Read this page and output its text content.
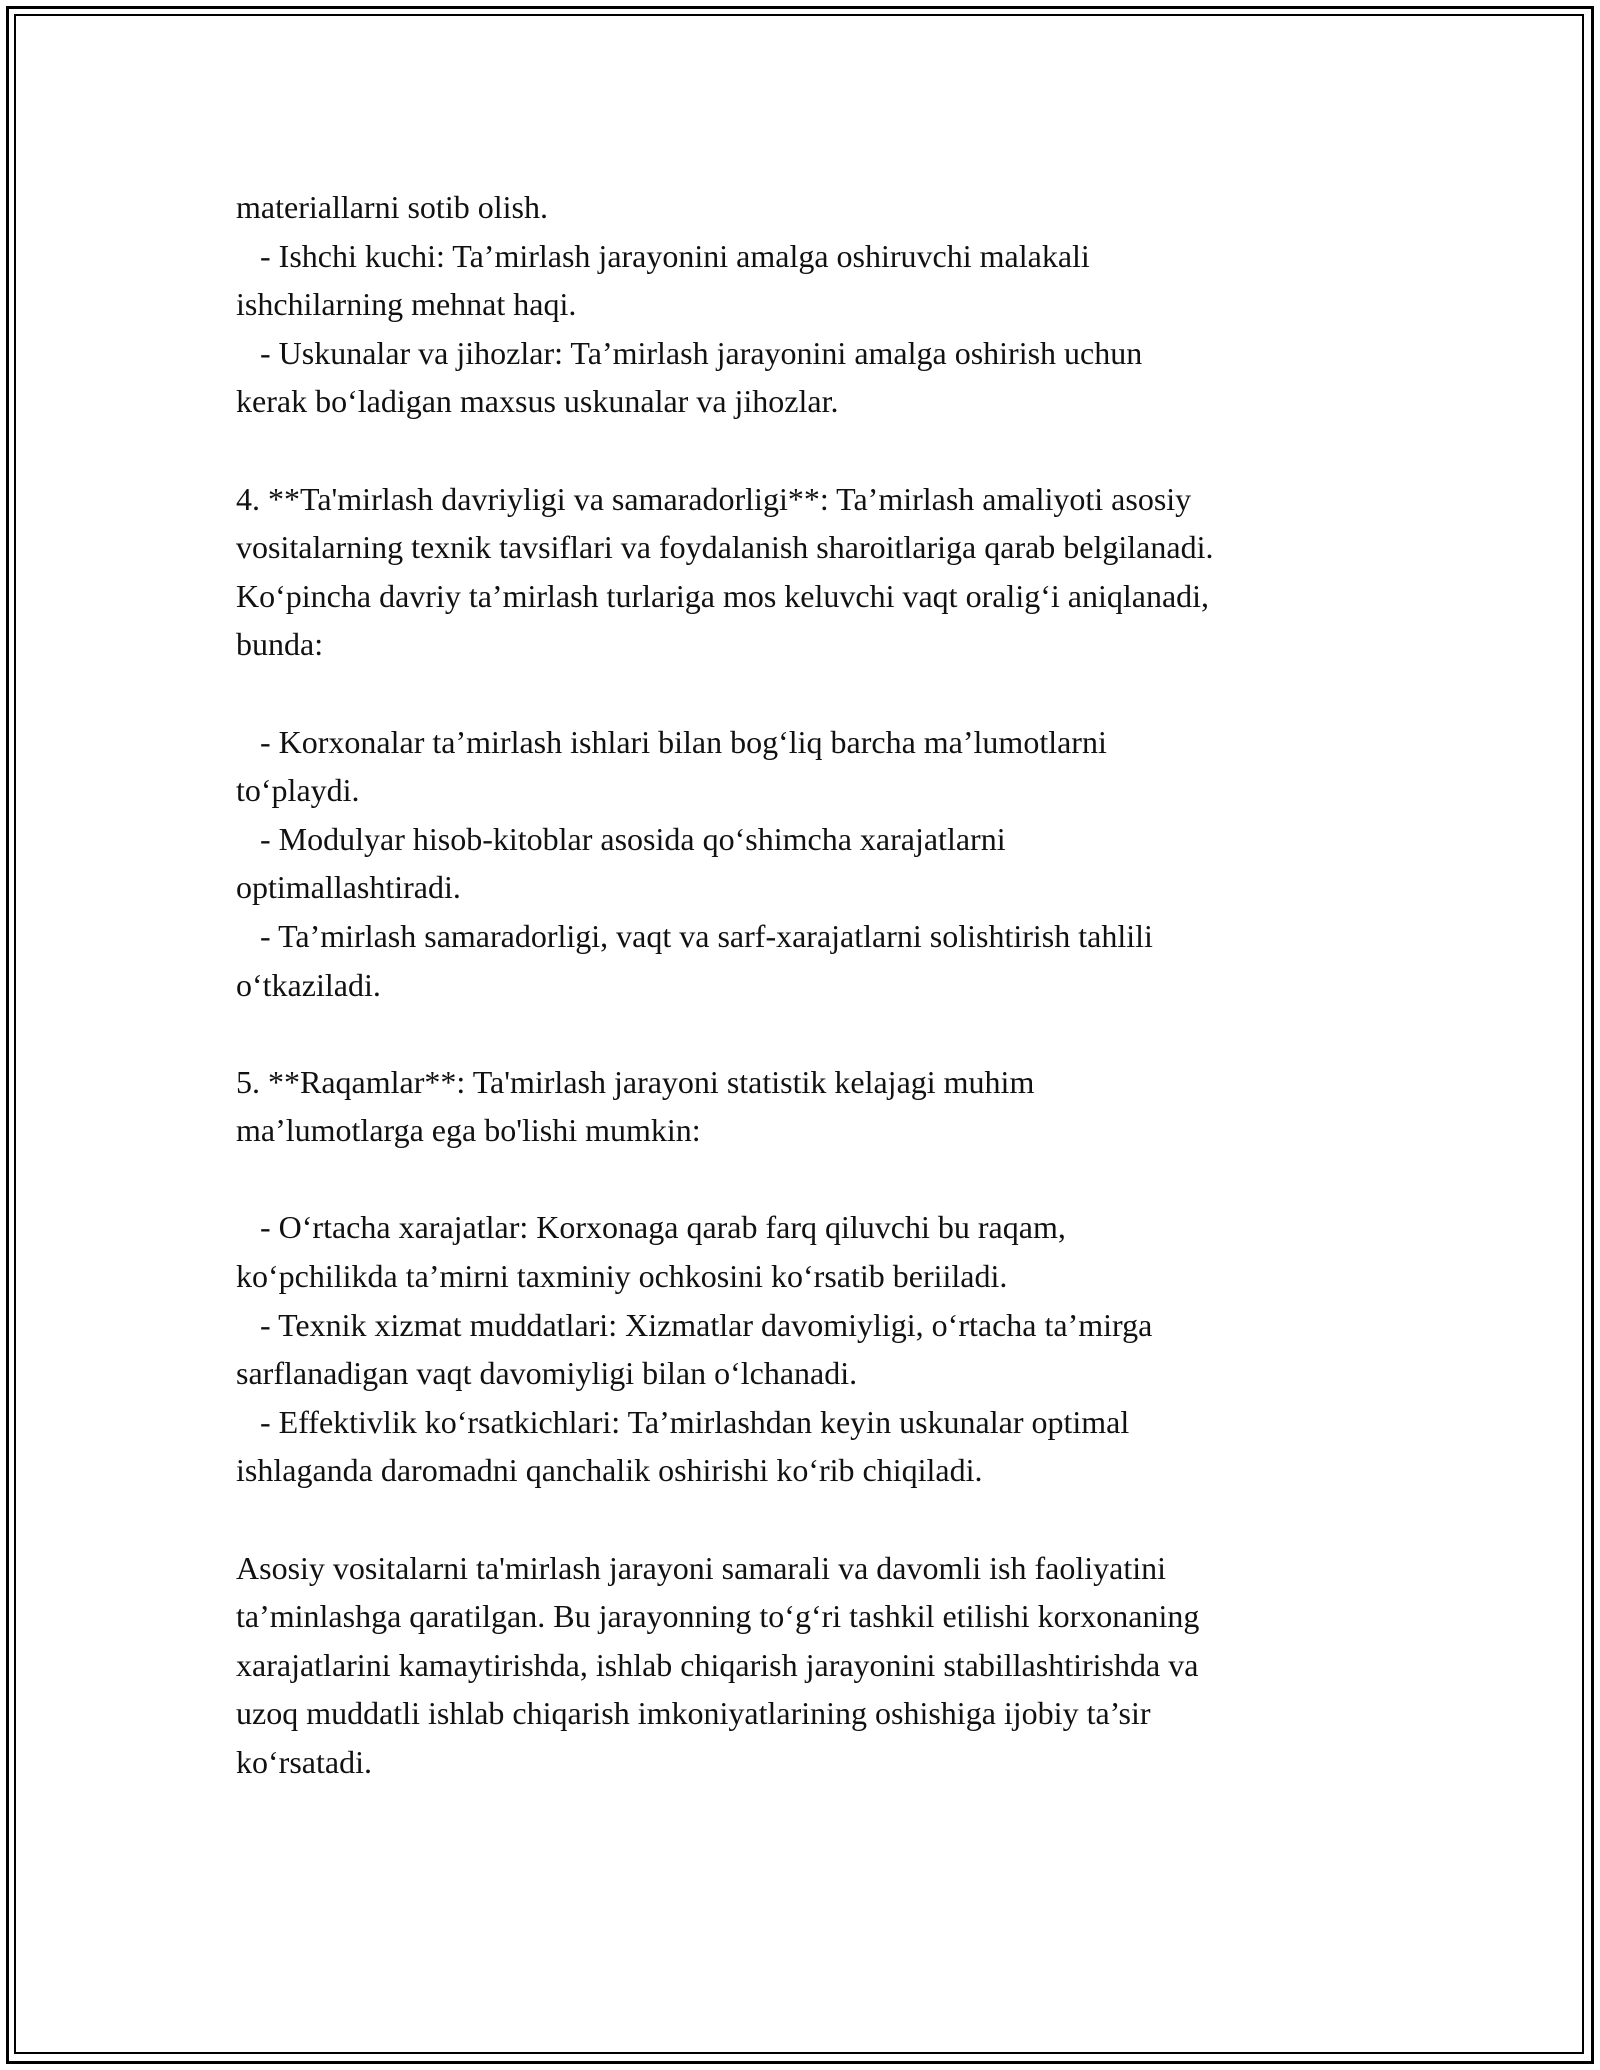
materiallarni sotib olish.
- Ishchi kuchi: Ta’mirlash jarayonini amalga oshiruvchi malakali
ishchilarning mehnat haqi.
- Uskunalar va jihozlar: Ta’mirlash jarayonini amalga oshirish uchun
kerak bo‘ladigan maxsus uskunalar va jihozlar.
4. **Ta'mirlash davriyligi va samaradorligi**: Ta’mirlash amaliyoti asosiy
vositalarning texnik tavsiflari va foydalanish sharoitlariga qarab belgilanadi.
Ko‘pincha davriy ta’mirlash turlariga mos keluvchi vaqt oralig‘i aniqlanadi,
bunda:
- Korxonalar ta’mirlash ishlari bilan bog‘liq barcha ma’lumotlarni
to‘playdi.
- Modulyar hisob-kitoblar asosida qo‘shimcha xarajatlarni
optimallashtiradi.
- Ta’mirlash samaradorligi, vaqt va sarf-xarajatlarni solishtirish tahlili
o‘tkaziladi.
5. **Raqamlar**: Ta'mirlash jarayoni statistik kelajagi muhim
ma’lumotlarga ega bo'lishi mumkin:
- O‘rtacha xarajatlar: Korxonaga qarab farq qiluvchi bu raqam,
ko‘pchilikda ta’mirni taxminiy ochkosini ko‘rsatib beriiladi.
- Texnik xizmat muddatlari: Xizmatlar davomiyligi, o‘rtacha ta’mirga
sarflanadigan vaqt davomiyligi bilan o‘lchanadi.
- Effektivlik ko‘rsatkichlari: Ta’mirlashdan keyin uskunalar optimal
ishlaganda daromadni qanchalik oshirishi ko‘rib chiqiladi.
Asosiy vositalarni ta'mirlash jarayoni samarali va davomli ish faoliyatini
ta’minlashga qaratilgan. Bu jarayonning to‘g‘ri tashkil etilishi korxonaning
xarajatlarini kamaytirishda, ishlab chiqarish jarayonini stabillashtirishda va
uzoq muddatli ishlab chiqarish imkoniyatlarining oshishiga ijobiy ta’sir
ko‘rsatadi.
